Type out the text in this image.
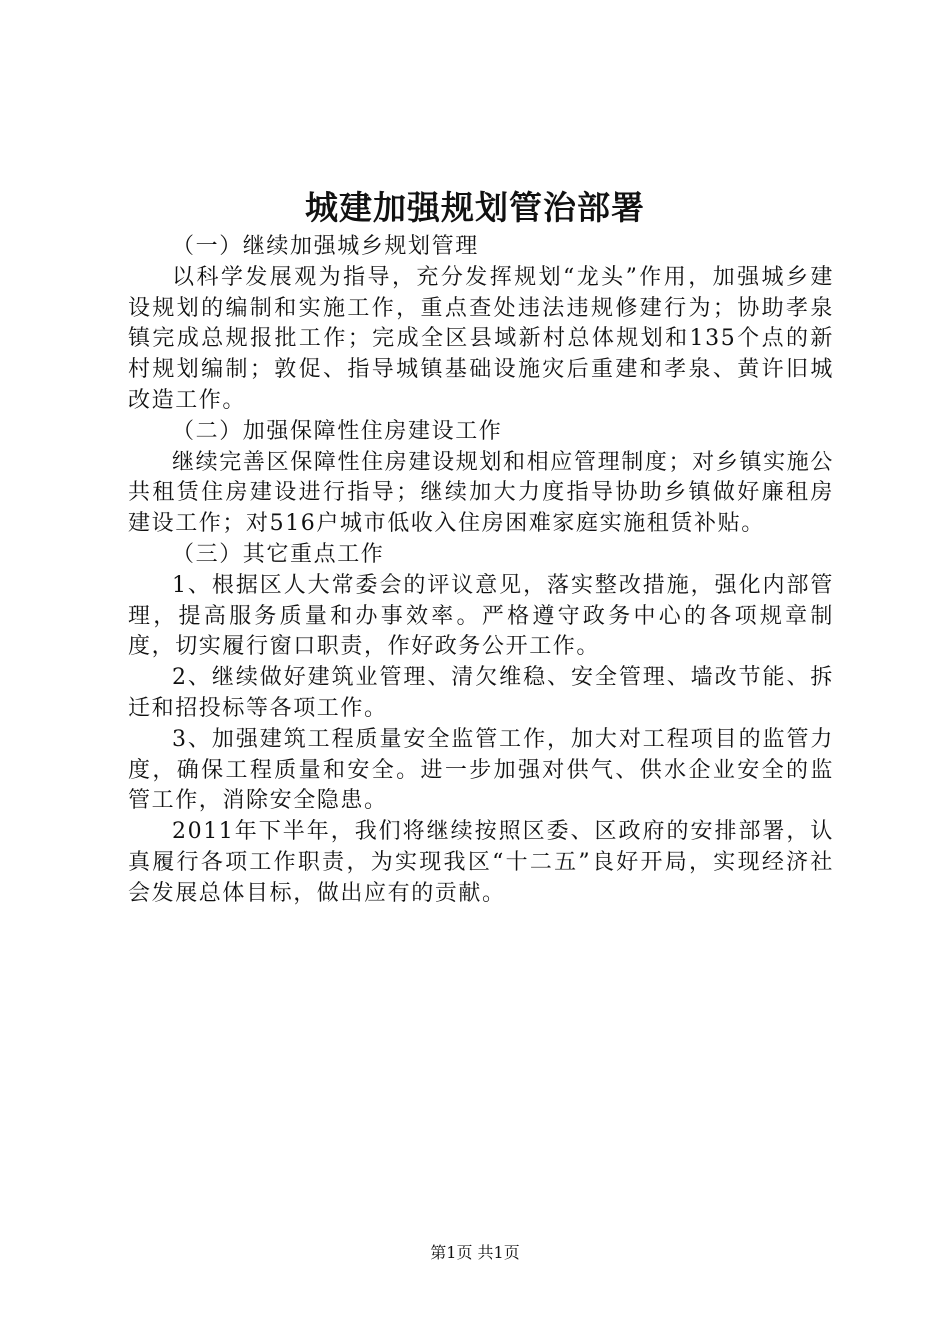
城建加强规划管治部署

（一）继续加强城乡规划管理

以科学发展观为指导，充分发挥规划“龙头”作用，加强城乡建设规划的编制和实施工作，重点查处违法违规修建行为；协助孝泉镇完成总规报批工作；完成全区县域新村总体规划和135个点的新村规划编制；敦促、指导城镇基础设施灾后重建和孝泉、黄许旧城改造工作。

（二）加强保障性住房建设工作

继续完善区保障性住房建设规划和相应管理制度；对乡镇实施公共租赁住房建设进行指导；继续加大力度指导协助乡镇做好廉租房建设工作；对516户城市低收入住房困难家庭实施租赁补贴。

（三）其它重点工作

1、根据区人大常委会的评议意见，落实整改措施，强化内部管理，提高服务质量和办事效率。严格遵守政务中心的各项规章制度，切实履行窗口职责，作好政务公开工作。

2、继续做好建筑业管理、清欠维稳、安全管理、墙改节能、拆迁和招投标等各项工作。

3、加强建筑工程质量安全监管工作，加大对工程项目的监管力度，确保工程质量和安全。进一步加强对供气、供水企业安全的监管工作，消除安全隐患。

2011年下半年，我们将继续按照区委、区政府的安排部署，认真履行各项工作职责，为实现我区“十二五”良好开局，实现经济社会发展总体目标，做出应有的贡献。

第1页 共1页
